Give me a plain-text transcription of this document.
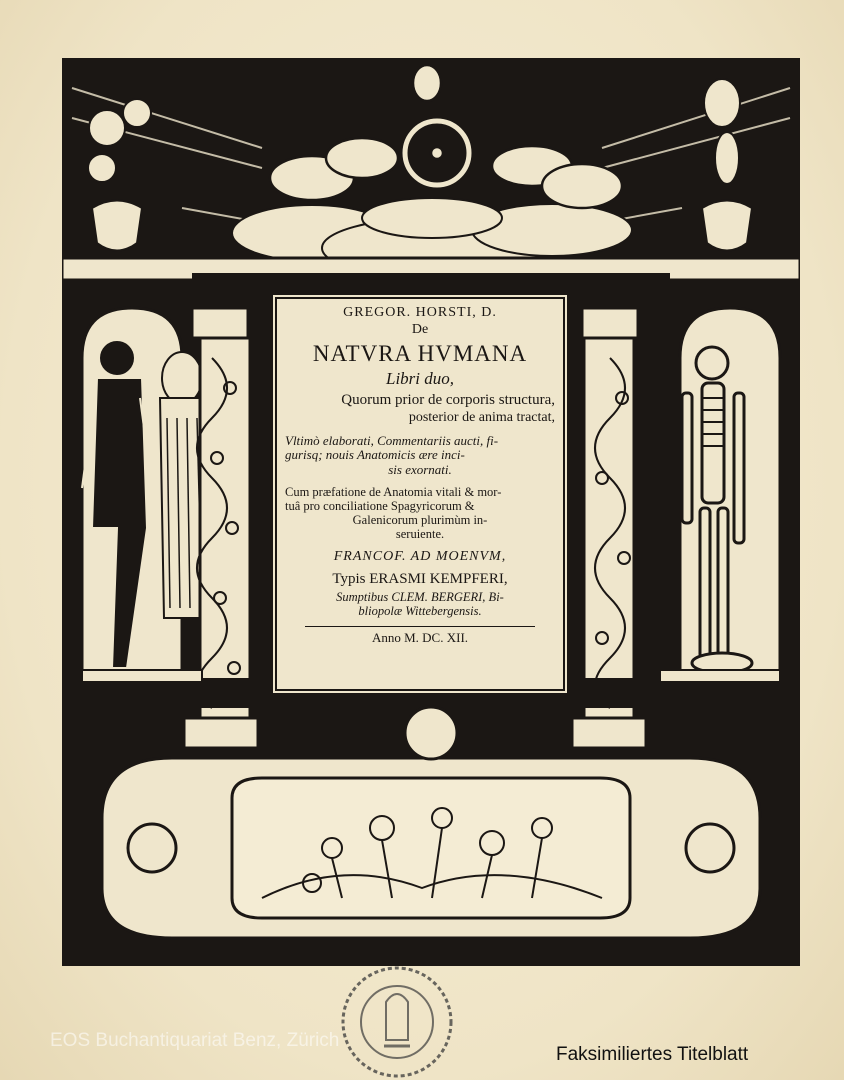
GREGOR. HORSTI, D.
De
NATVRA HVMANA
Libri duo,
Quorum prior de corporis structura,
posterior de anima tractat,
Vltimò elaborati, Commentariis aucti, fi-
gurisq; nouis Anatomicis ære inci-
sis exornati.
Cum præfatione de Anatomia vitali & mor-
tuâ pro conciliatione Spagyricorum &
Galenicorum plurimùm in-
seruiente.
FRANCOF. AD MOENVM,
Typis ERASMI KEMPFERI,
Sumptibus CLEM. BERGERI, Bi-
bliopolæ Wittebergensis.
Anno M. DC. XII.
EOS Buchantiquariat Benz, Zürich
Faksimiliertes Titelblatt
